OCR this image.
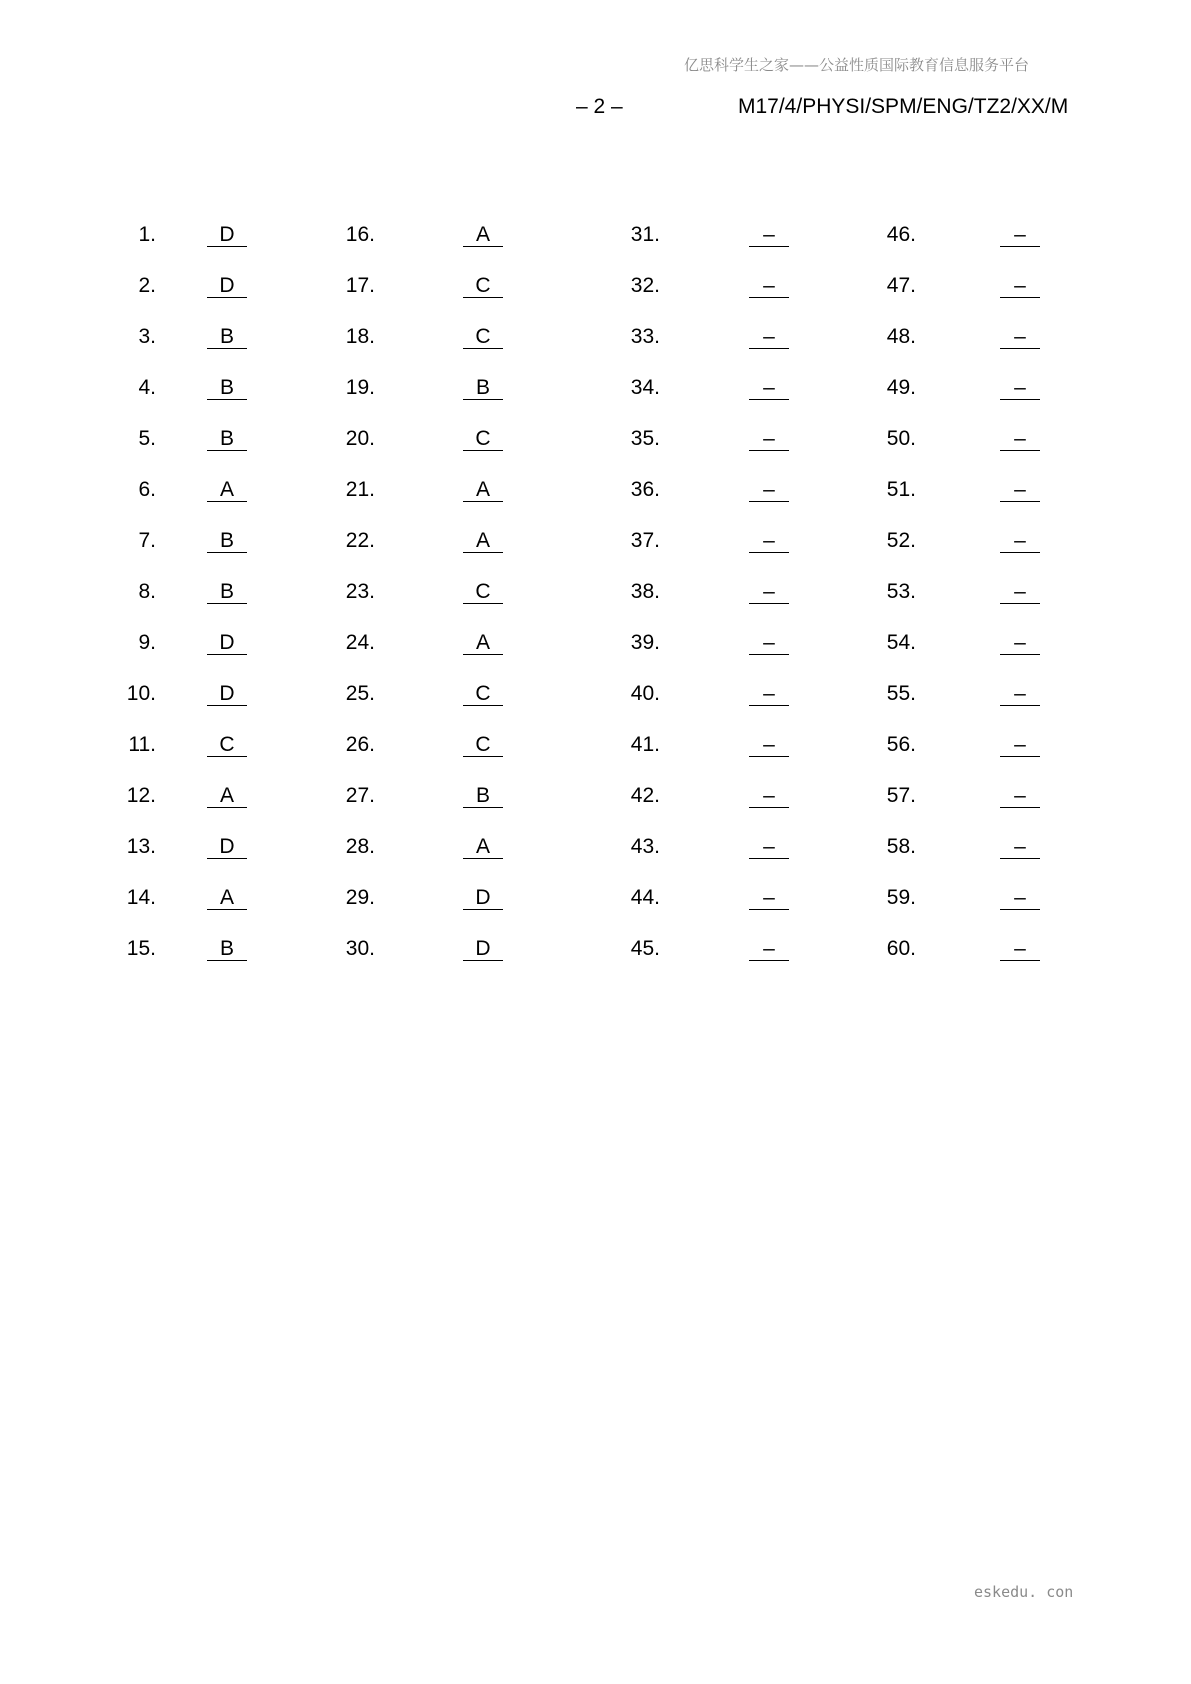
亿思科学生之家——公益性质国际教育信息服务平台
– 2 –	M17/4/PHYSI/SPM/ENG/TZ2/XX/M
1.	D
2.	D
3.	B
4.	B
5.	B
6.	A
7.	B
8.	B
9.	D
10.	D
11.	C
12.	A
13.	D
14.	A
15.	B
16.	A
17.	C
18.	C
19.	B
20.	C
21.	A
22.	A
23.	C
24.	A
25.	C
26.	C
27.	B
28.	A
29.	D
30.	D
31.	–
32.	–
33.	–
34.	–
35.	–
36.	–
37.	–
38.	–
39.	–
40.	–
41.	–
42.	–
43.	–
44.	–
45.	–
46.	–
47.	–
48.	–
49.	–
50.	–
51.	–
52.	–
53.	–
54.	–
55.	–
56.	–
57.	–
58.	–
59.	–
60.	–
eskedu. con
